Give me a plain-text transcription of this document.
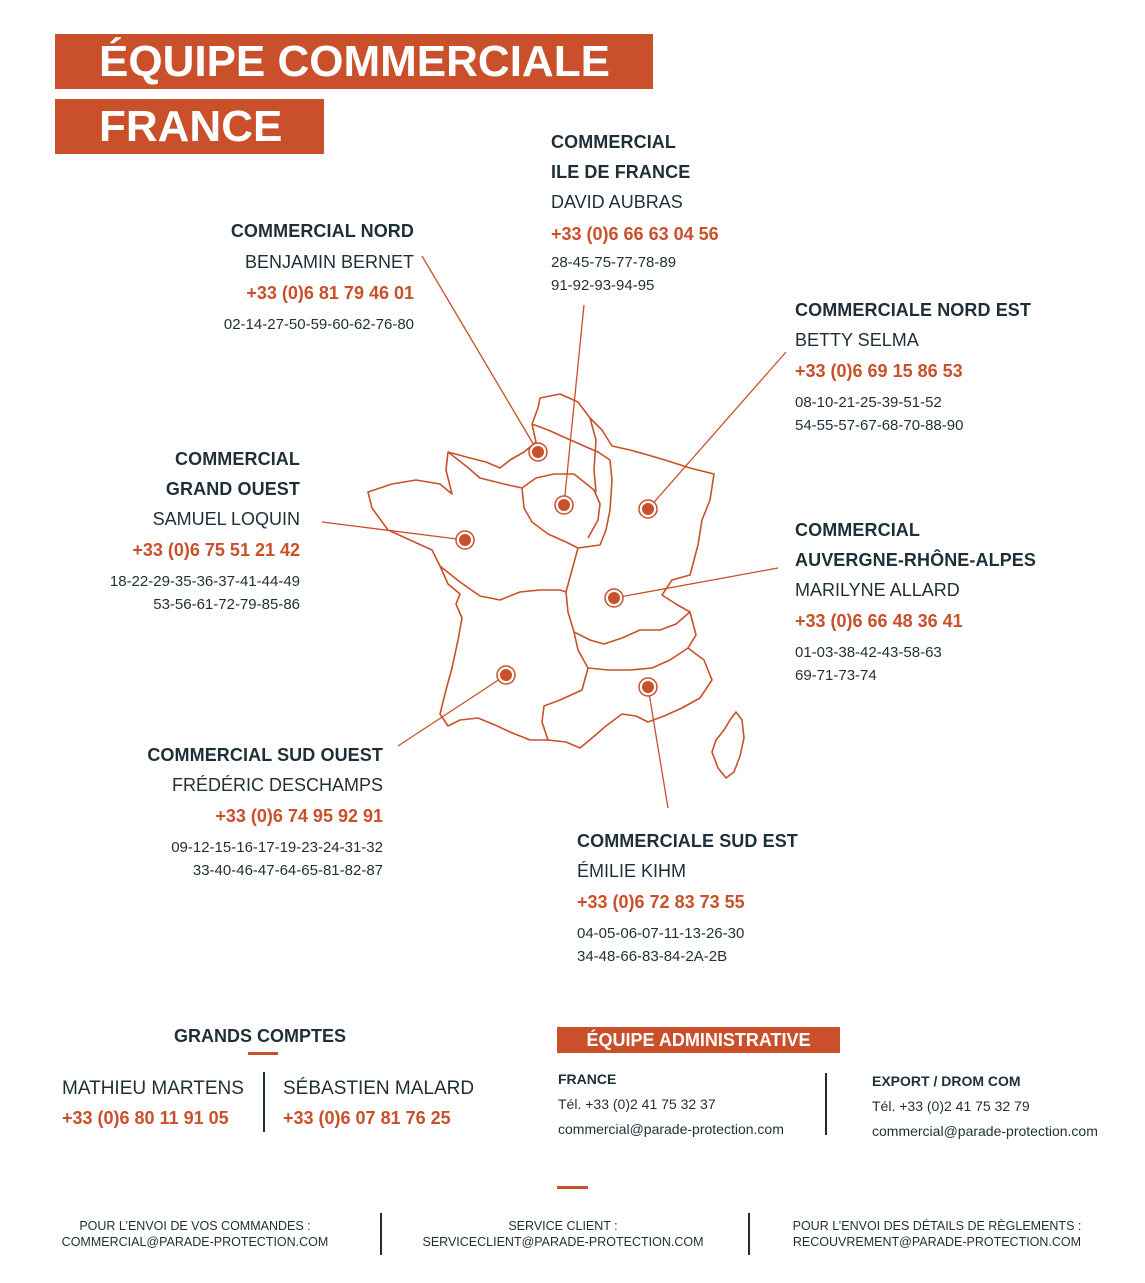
ÉQUIPE COMMERCIALE
FRANCE
COMMERCIAL NORD
BENJAMIN BERNET
+33 (0)6 81 79 46 01
02-14-27-50-59-60-62-76-80
COMMERCIAL
ILE DE FRANCE
DAVID AUBRAS
+33 (0)6 66 63 04 56
28-45-75-77-78-89
91-92-93-94-95
COMMERCIALE NORD EST
BETTY SELMA
+33 (0)6 69 15 86 53
08-10-21-25-39-51-52
54-55-57-67-68-70-88-90
COMMERCIAL
GRAND OUEST
SAMUEL LOQUIN
+33 (0)6 75 51 21 42
18-22-29-35-36-37-41-44-49
53-56-61-72-79-85-86
COMMERCIAL
AUVERGNE-RHÔNE-ALPES
MARILYNE ALLARD
+33 (0)6 66 48 36 41
01-03-38-42-43-58-63
69-71-73-74
COMMERCIAL SUD OUEST
FRÉDÉRIC DESCHAMPS
+33 (0)6 74 95 92 91
09-12-15-16-17-19-23-24-31-32
33-40-46-47-64-65-81-82-87
COMMERCIALE SUD EST
ÉMILIE KIHM
+33 (0)6 72 83 73 55
04-05-06-07-11-13-26-30
34-48-66-83-84-2A-2B
GRANDS COMPTES
MATHIEU MARTENS
+33 (0)6 80 11 91 05
SÉBASTIEN MALARD
+33 (0)6 07 81 76 25
ÉQUIPE ADMINISTRATIVE
FRANCE
Tél. +33 (0)2 41 75 32 37
commercial@parade-protection.com
EXPORT / DROM COM
Tél. +33 (0)2 41 75 32 79
commercial@parade-protection.com
POUR L’ENVOI DE VOS COMMANDES :
COMMERCIAL@PARADE-PROTECTION.COM
SERVICE CLIENT :
SERVICECLIENT@PARADE-PROTECTION.COM
POUR L’ENVOI DES DÉTAILS DE RÈGLEMENTS :
RECOUVREMENT@PARADE-PROTECTION.COM
